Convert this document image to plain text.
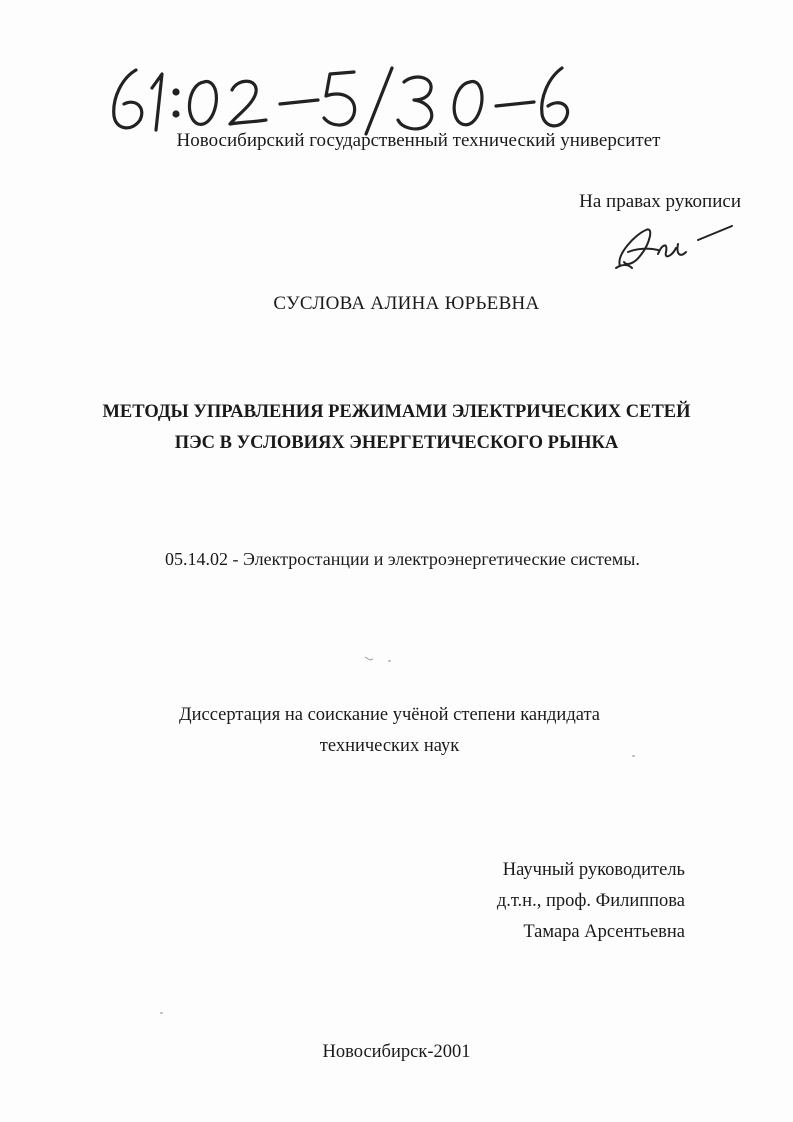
Новосибирский государственный технический университет
На правах рукописи
СУСЛОВА АЛИНА ЮРЬЕВНА
МЕТОДЫ УПРАВЛЕНИЯ РЕЖИМАМИ ЭЛЕКТРИЧЕСКИХ СЕТЕЙ
ПЭС В УСЛОВИЯХ ЭНЕРГЕТИЧЕСКОГО РЫНКА
05.14.02 - Электростанции и электроэнергетические системы.
Диссертация на соискание учёной степени кандидата
технических наук
Научный руководитель
д.т.н., проф. Филиппова
Тамара Арсентьевна
Новосибирск-2001
